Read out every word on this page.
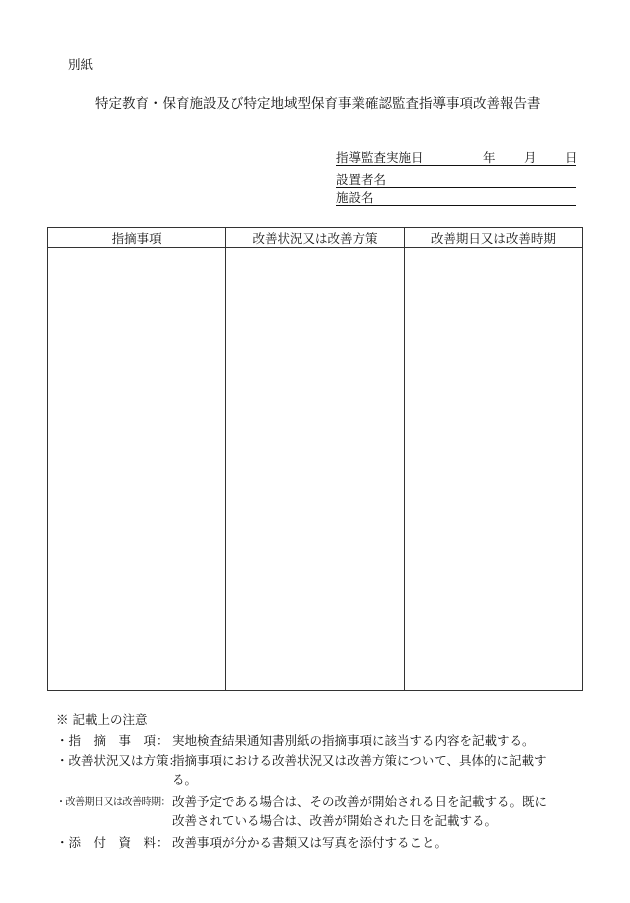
別紙
特定教育・保育施設及び特定地域型保育事業確認監査指導事項改善報告書
指導監査実施日	年 月 日
設置者名
施設名
指摘事項	改善状況又は改善方策	改善期日又は改善時期

※ 記載上の注意
・指　摘　事　項： 実地検査結果通知書別紙の指摘事項に該当する内容を記載する。
・改善状況又は方策：
指摘事項における改善状況又は改善方策について、具体的に記載す
る。
・改善期日又は改善時期： 改善予定である場合は、その改善が開始される日を記載する。既に
改善されている場合は、改善が開始された日を記載する。
・添　付　資　料： 改善事項が分かる書類又は写真を添付すること。
